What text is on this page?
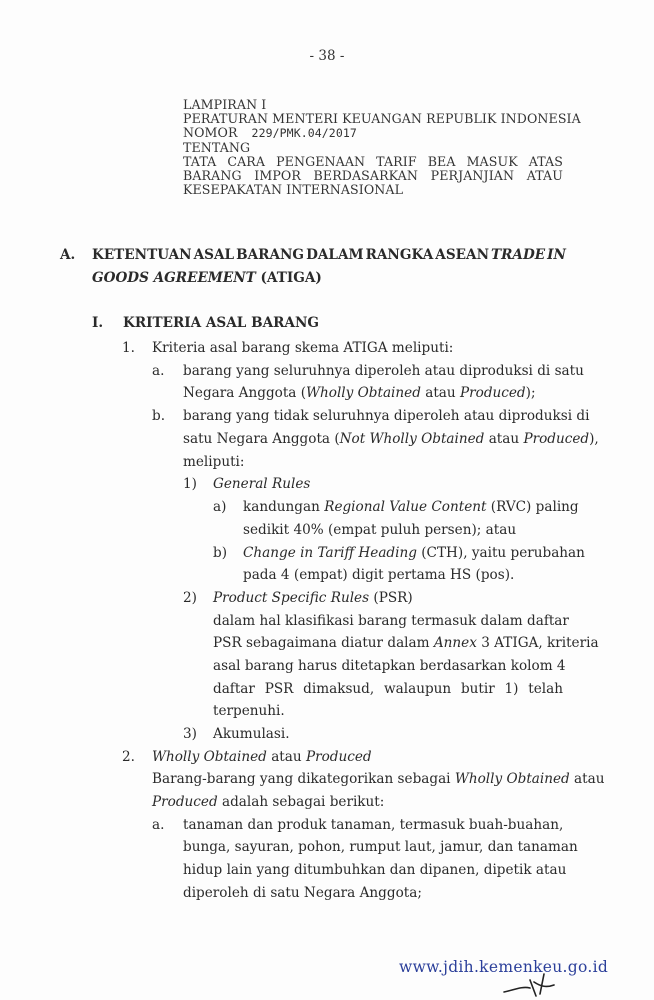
- 38 -
LAMPIRAN I
PERATURAN MENTERI KEUANGAN REPUBLIK INDONESIA
NOMOR 229/PMK.04/2017
TENTANG
TATA CARA PENGENAAN TARIF BEA MASUK ATAS
BARANG IMPOR BERDASARKAN PERJANJIAN ATAU
KESEPAKATAN INTERNASIONAL
A. KETENTUAN ASAL BARANG DALAM RANGKA ASEAN TRADE IN
GOODS AGREEMENT (ATIGA)
I. KRITERIA ASAL BARANG
1. Kriteria asal barang skema ATIGA meliputi:
a. barang yang seluruhnya diperoleh atau diproduksi di satu
Negara Anggota (Wholly Obtained atau Produced);
b. barang yang tidak seluruhnya diperoleh atau diproduksi di
satu Negara Anggota (Not Wholly Obtained atau Produced),
meliputi:
1) General Rules
a) kandungan Regional Value Content (RVC) paling
sedikit 40% (empat puluh persen); atau
b) Change in Tariff Heading (CTH), yaitu perubahan
pada 4 (empat) digit pertama HS (pos).
2) Product Specific Rules (PSR)
dalam hal klasifikasi barang termasuk dalam daftar
PSR sebagaimana diatur dalam Annex 3 ATIGA, kriteria
asal barang harus ditetapkan berdasarkan kolom 4
daftar PSR dimaksud, walaupun butir 1) telah
terpenuhi.
3) Akumulasi.
2. Wholly Obtained atau Produced
Barang-barang yang dikategorikan sebagai Wholly Obtained atau
Produced adalah sebagai berikut:
a. tanaman dan produk tanaman, termasuk buah-buahan,
bunga, sayuran, pohon, rumput laut, jamur, dan tanaman
hidup lain yang ditumbuhkan dan dipanen, dipetik atau
diperoleh di satu Negara Anggota;
www.jdih.kemenkeu.go.id
